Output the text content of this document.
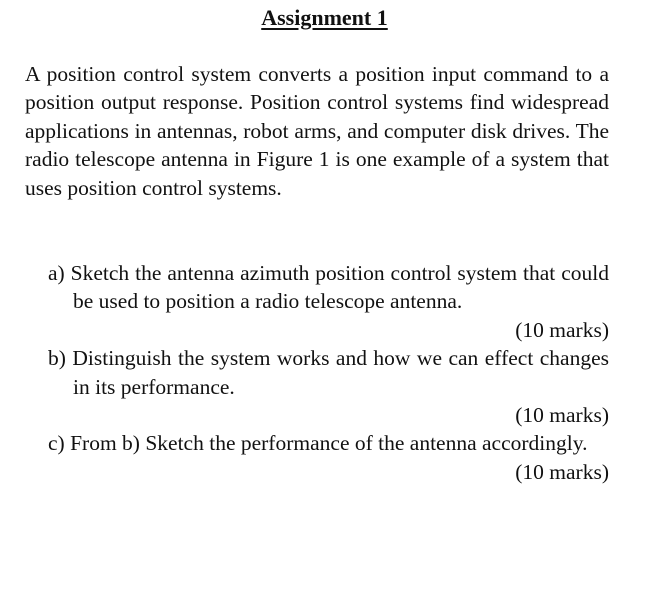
Assignment 1

A position control system converts a position input command to a position output response. Position control systems find widespread applications in antennas, robot arms, and computer disk drives. The radio telescope antenna in Figure 1 is one example of a system that uses position control systems.

a) Sketch the antenna azimuth position control system that could be used to position a radio telescope antenna.
(10 marks)
b) Distinguish the system works and how we can effect changes in its performance.
(10 marks)
c) From b) Sketch the performance of the antenna accordingly.
(10 marks)
